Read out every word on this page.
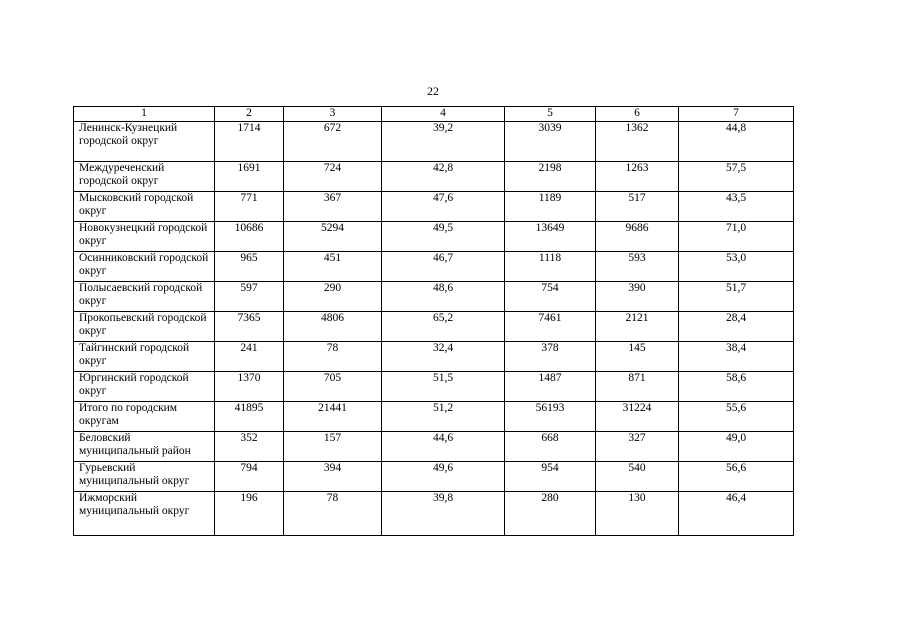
22
1	2	3	4	5	6	7
Ленинск-Кузнецкий городской округ	1714	672	39,2	3039	1362	44,8
Междуреченский городской округ	1691	724	42,8	2198	1263	57,5
Мысковский городской округ	771	367	47,6	1189	517	43,5
Новокузнецкий городской округ	10686	5294	49,5	13649	9686	71,0
Осинниковский городской округ	965	451	46,7	1118	593	53,0
Полысаевский городской округ	597	290	48,6	754	390	51,7
Прокопьевский городской округ	7365	4806	65,2	7461	2121	28,4
Тайгинский городской округ	241	78	32,4	378	145	38,4
Юргинский городской округ	1370	705	51,5	1487	871	58,6
Итого по городским округам	41895	21441	51,2	56193	31224	55,6
Беловский муниципальный район	352	157	44,6	668	327	49,0
Гурьевский муниципальный округ	794	394	49,6	954	540	56,6
Ижморский муниципальный округ	196	78	39,8	280	130	46,4
